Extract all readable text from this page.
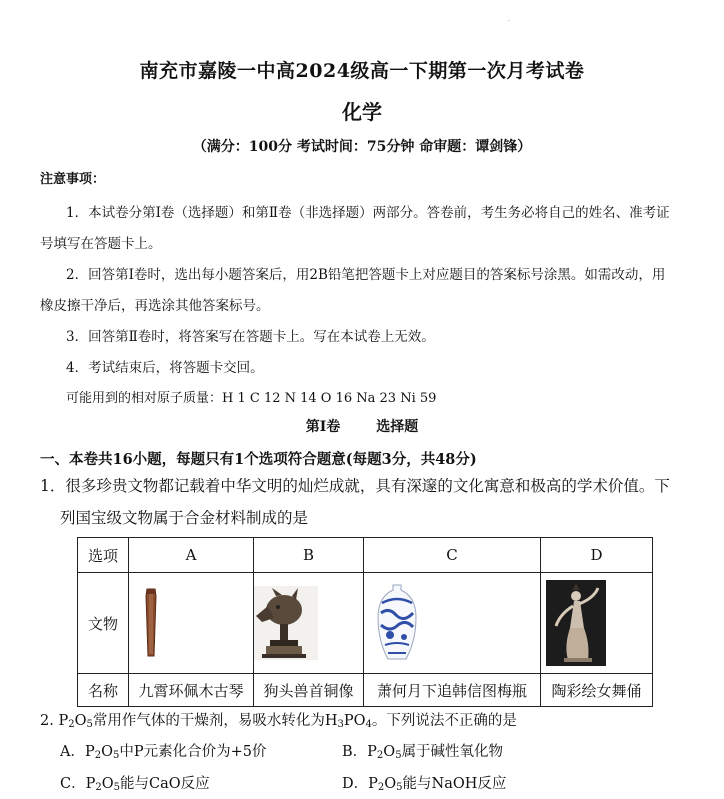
·
南充市嘉陵一中高2024级高一下期第一次月考试卷
化学
（满分：100分 考试时间：75分钟 命审题：谭剑锋）
注意事项：
1．本试卷分第Ⅰ卷（选择题）和第Ⅱ卷（非选择题）两部分。答卷前，考生务必将自己的姓名、准考证
号填写在答题卡上。
2．回答第Ⅰ卷时，选出每小题答案后，用2B铅笔把答题卡上对应题目的答案标号涂黑。如需改动，用
橡皮擦干净后，再选涂其他答案标号。
3．回答第Ⅱ卷时，将答案写在答题卡上。写在本试卷上无效。
4．考试结束后，将答题卡交回。
可能用到的相对原子质量：H 1 C 12 N 14 O 16 Na 23 Ni 59
第Ⅰ卷	选择题
一、本卷共16小题，每题只有1个选项符合题意(每题3分，共48分)
1．很多珍贵文物都记载着中华文明的灿烂成就，具有深邃的文化寓意和极高的学术价值。下
列国宝级文物属于合金材料制成的是
选项	A	B	C	D
文物	

名称	九霄环佩木古琴	狗头兽首铜像	萧何月下追韩信图梅瓶	陶彩绘女舞俑
2. $P_2O_5$常用作气体的干燥剂，易吸水转化为$H_3PO_4$。下列说法不正确的是
A．$P_2O_5$中P元素化合价为+5价	B．$P_2O_5$属于碱性氧化物
C．$P_2O_5$能与CaO反应	D．$P_2O_5$能与NaOH反应
